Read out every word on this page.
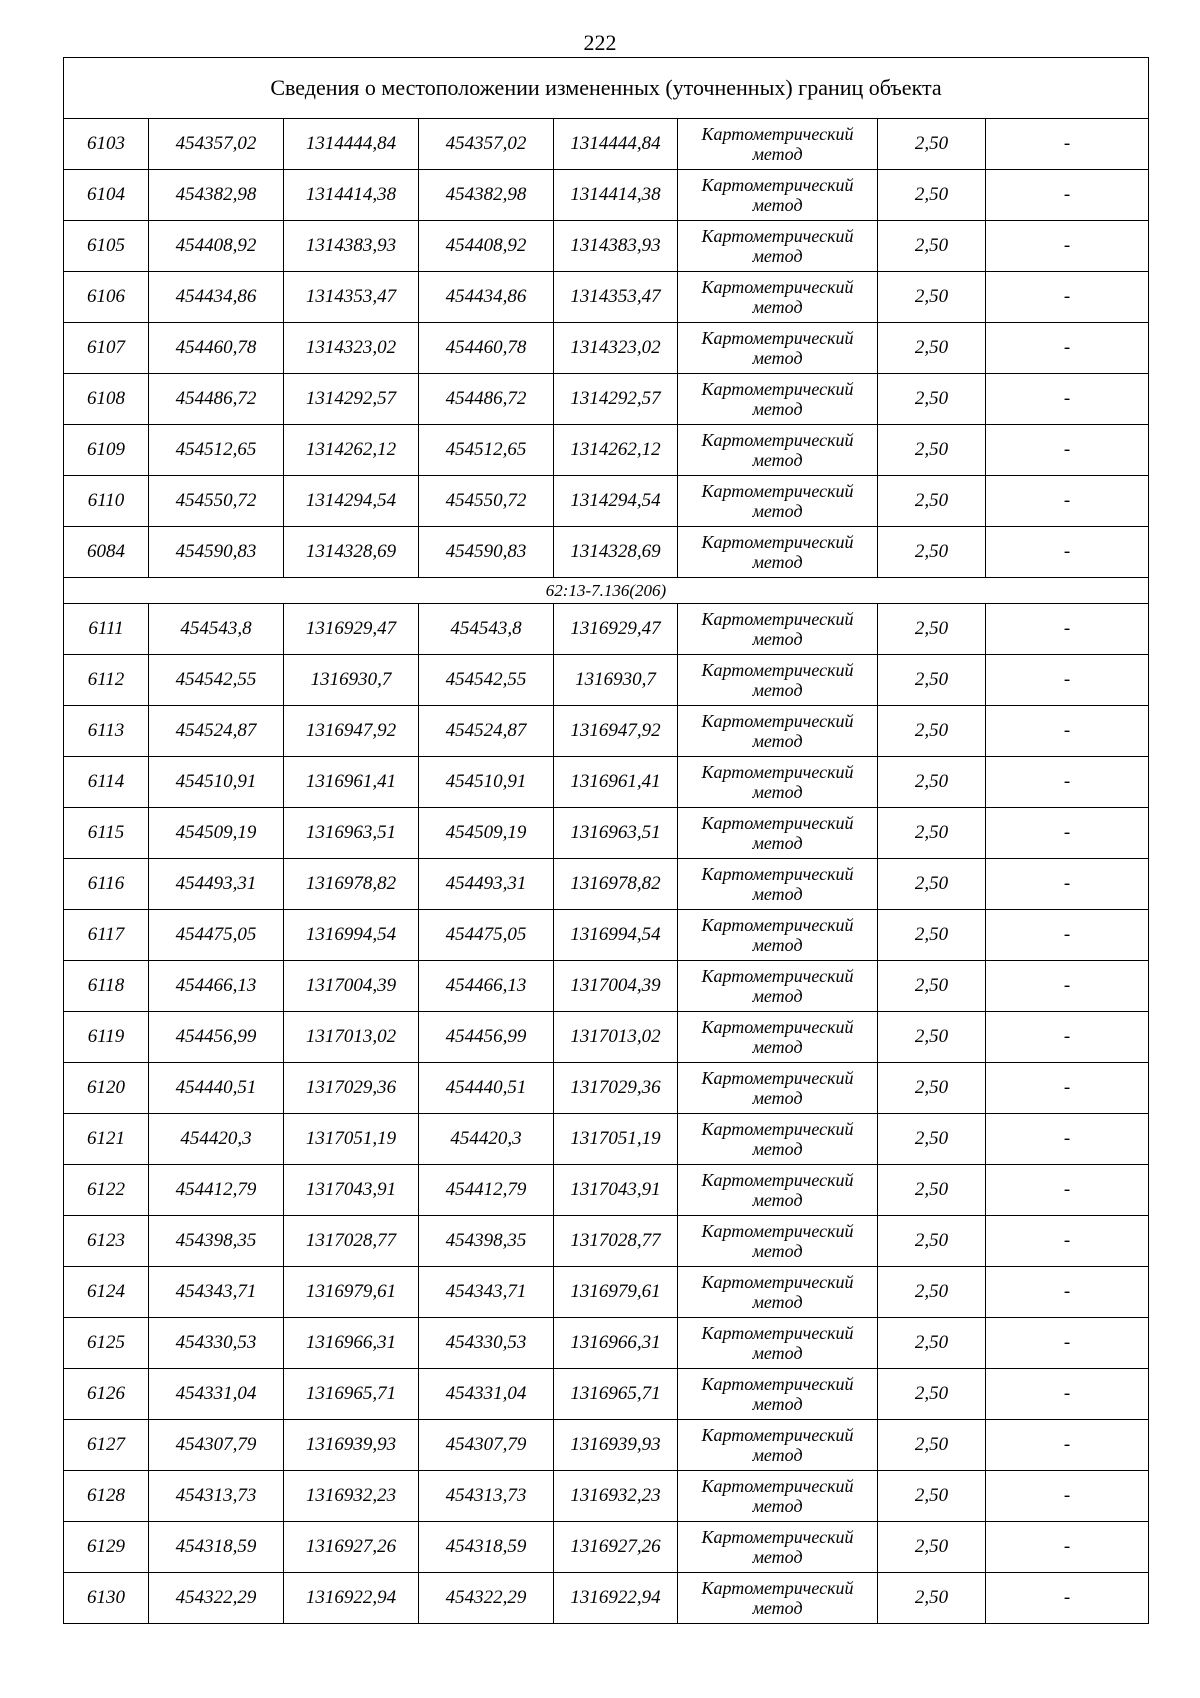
222
Сведения о местоположении измененных (уточненных) границ объекта							
6103	454357,02	1314444,84	454357,02	1314444,84	Картометрический метод	2,50	-
6104	454382,98	1314414,38	454382,98	1314414,38	Картометрический метод	2,50	-
6105	454408,92	1314383,93	454408,92	1314383,93	Картометрический метод	2,50	-
6106	454434,86	1314353,47	454434,86	1314353,47	Картометрический метод	2,50	-
6107	454460,78	1314323,02	454460,78	1314323,02	Картометрический метод	2,50	-
6108	454486,72	1314292,57	454486,72	1314292,57	Картометрический метод	2,50	-
6109	454512,65	1314262,12	454512,65	1314262,12	Картометрический метод	2,50	-
6110	454550,72	1314294,54	454550,72	1314294,54	Картометрический метод	2,50	-
6084	454590,83	1314328,69	454590,83	1314328,69	Картометрический метод	2,50	-
62:13-7.136(206)							
6111	454543,8	1316929,47	454543,8	1316929,47	Картометрический метод	2,50	-
6112	454542,55	1316930,7	454542,55	1316930,7	Картометрический метод	2,50	-
6113	454524,87	1316947,92	454524,87	1316947,92	Картометрический метод	2,50	-
6114	454510,91	1316961,41	454510,91	1316961,41	Картометрический метод	2,50	-
6115	454509,19	1316963,51	454509,19	1316963,51	Картометрический метод	2,50	-
6116	454493,31	1316978,82	454493,31	1316978,82	Картометрический метод	2,50	-
6117	454475,05	1316994,54	454475,05	1316994,54	Картометрический метод	2,50	-
6118	454466,13	1317004,39	454466,13	1317004,39	Картометрический метод	2,50	-
6119	454456,99	1317013,02	454456,99	1317013,02	Картометрический метод	2,50	-
6120	454440,51	1317029,36	454440,51	1317029,36	Картометрический метод	2,50	-
6121	454420,3	1317051,19	454420,3	1317051,19	Картометрический метод	2,50	-
6122	454412,79	1317043,91	454412,79	1317043,91	Картометрический метод	2,50	-
6123	454398,35	1317028,77	454398,35	1317028,77	Картометрический метод	2,50	-
6124	454343,71	1316979,61	454343,71	1316979,61	Картометрический метод	2,50	-
6125	454330,53	1316966,31	454330,53	1316966,31	Картометрический метод	2,50	-
6126	454331,04	1316965,71	454331,04	1316965,71	Картометрический метод	2,50	-
6127	454307,79	1316939,93	454307,79	1316939,93	Картометрический метод	2,50	-
6128	454313,73	1316932,23	454313,73	1316932,23	Картометрический метод	2,50	-
6129	454318,59	1316927,26	454318,59	1316927,26	Картометрический метод	2,50	-
6130	454322,29	1316922,94	454322,29	1316922,94	Картометрический метод	2,50	-
